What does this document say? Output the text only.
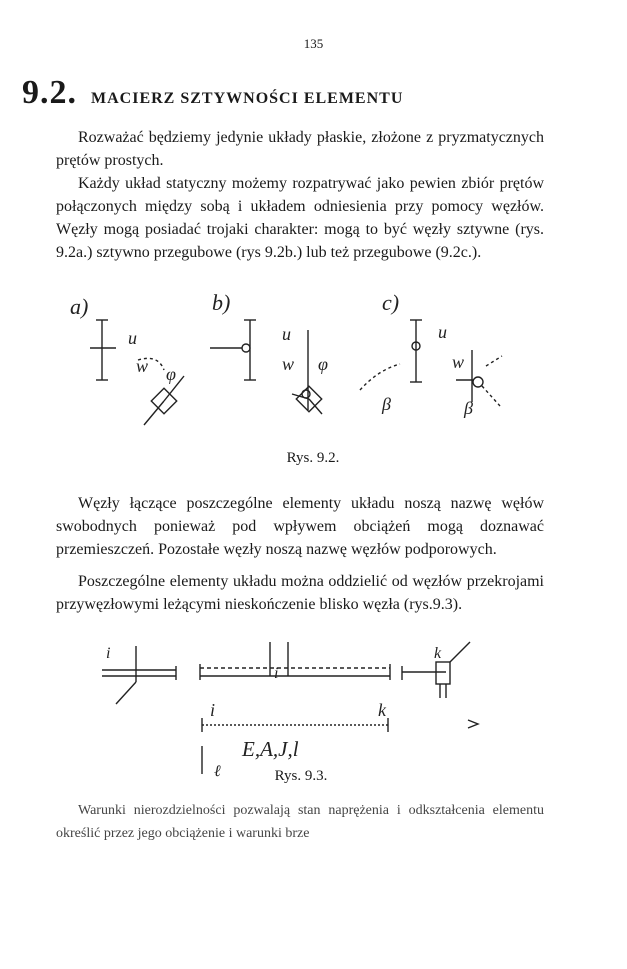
135
9.2. MACIERZ SZTYWNOŚCI ELEMENTU

Rozważać będziemy jedynie układy płaskie, złożone z pryzmatycznych prętów prostych.

Każdy układ statyczny możemy rozpatrywać jako pewien zbiór prętów połączonych między sobą i układem odniesienia przy pomocy węzłów. Węzły mogą posiadać trojaki charakter: mogą to być węzły sztywne (rys. 9.2a.) sztywno przegubowe (rys 9.2b.) lub też przegubowe (9.2c.).

a)	b)	c)
u
w φ
u
w φ
u
w
β	β
Rys. 9.2.

Węzły łączące poszczególne elementy układu noszą nazwę węłów swobodnych ponieważ pod wpływem obciążeń mogą doznawać przemieszczeń. Pozostałe węzły noszą nazwę węzłów podporowych.

Poszczególne elementy układu można oddzielić od węzłów przekrojami przywęzłowymi leżącymi nieskończenie blisko węzła (rys.9.3).

i
i
k
i	k
E,A,J,l
ℓ	Rys. 9.3.

Warunki nierozdzielności pozwalają stan naprężenia i odkształcenia elementu określić przez jego obciążenie i warunki brze
